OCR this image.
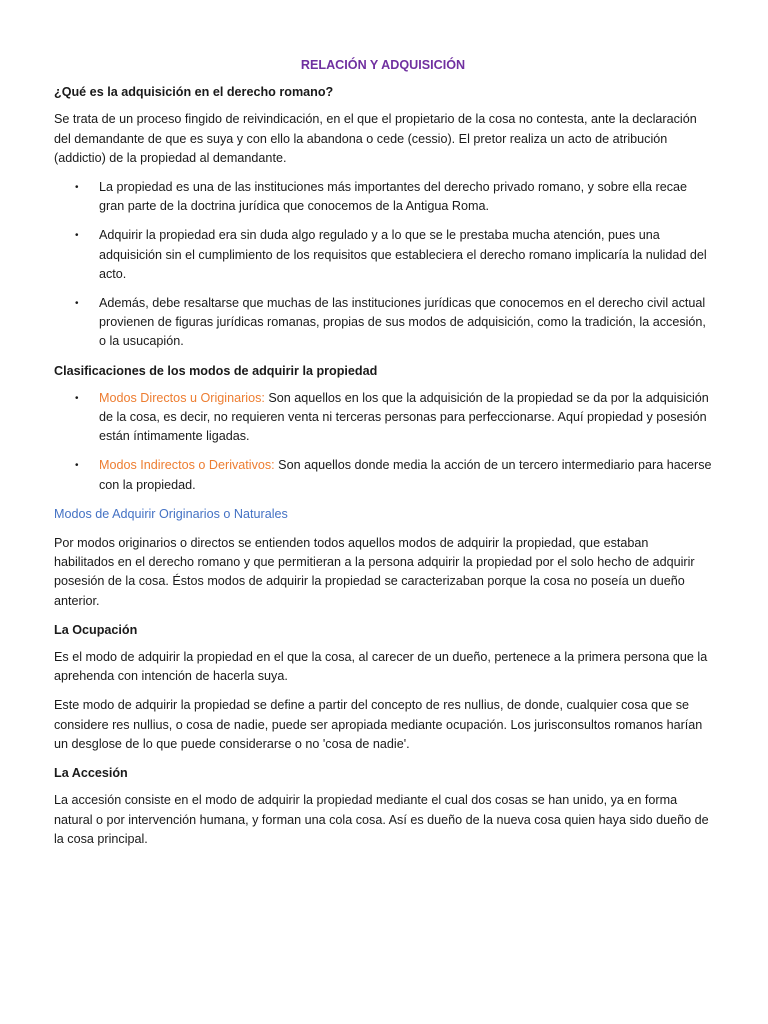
RELACIÓN Y ADQUISICIÓN
¿Qué es la adquisición en el derecho romano?

Se trata de un proceso fingido de reivindicación, en el que el propietario de la cosa no contesta, ante la declaración del demandante de que es suya y con ello la abandona o cede (cessio). El pretor realiza un acto de atribución (addictio) de la propiedad al demandante.

• La propiedad es una de las instituciones más importantes del derecho privado romano, y sobre ella recae gran parte de la doctrina jurídica que conocemos de la Antigua Roma.
• Adquirir la propiedad era sin duda algo regulado y a lo que se le prestaba mucha atención, pues una adquisición sin el cumplimiento de los requisitos que estableciera el derecho romano implicaría la nulidad del acto.
• Además, debe resaltarse que muchas de las instituciones jurídicas que conocemos en el derecho civil actual provienen de figuras jurídicas romanas, propias de sus modos de adquisición, como la tradición, la accesión, o la usucapión.
Clasificaciones de los modos de adquirir la propiedad
• Modos Directos u Originarios: Son aquellos en los que la adquisición de la propiedad se da por la adquisición de la cosa, es decir, no requieren venta ni terceras personas para perfeccionarse. Aquí propiedad y posesión están íntimamente ligadas.
• Modos Indirectos o Derivativos: Son aquellos donde media la acción de un tercero intermediario para hacerse con la propiedad.
Modos de Adquirir Originarios o Naturales

Por modos originarios o directos se entienden todos aquellos modos de adquirir la propiedad, que estaban habilitados en el derecho romano y que permitieran a la persona adquirir la propiedad por el solo hecho de adquirir posesión de la cosa. Éstos modos de adquirir la propiedad se caracterizaban porque la cosa no poseía un dueño anterior.

La Ocupación

Es el modo de adquirir la propiedad en el que la cosa, al carecer de un dueño, pertenece a la primera persona que la aprehenda con intención de hacerla suya.

Este modo de adquirir la propiedad se define a partir del concepto de res nullius, de donde, cualquier cosa que se considere res nullius, o cosa de nadie, puede ser apropiada mediante ocupación. Los jurisconsultos romanos harían un desglose de lo que puede considerarse o no 'cosa de nadie'.

La Accesión

La accesión consiste en el modo de adquirir la propiedad mediante el cual dos cosas se han unido, ya en forma natural o por intervención humana, y forman una cola cosa. Así es dueño de la nueva cosa quien haya sido dueño de la cosa principal.
